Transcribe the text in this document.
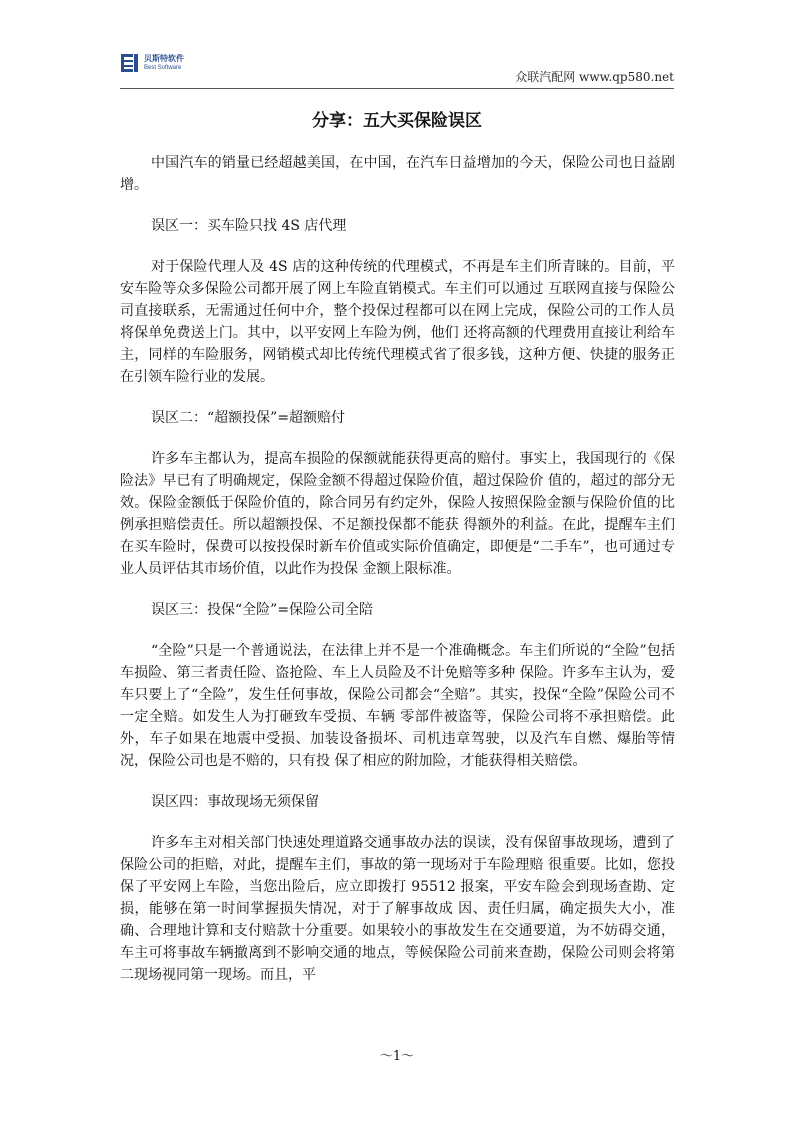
贝斯特软件
Best Software
众联汽配网 www.qp580.net
分享：五大买保险误区

中国汽车的销量已经超越美国，在中国，在汽车日益增加的今天，保险公司也日益剧增。

误区一：买车险只找 4S 店代理

对于保险代理人及 4S 店的这种传统的代理模式，不再是车主们所青睐的。目前，平安车险等众多保险公司都开展了网上车险直销模式。车主们可以通过 互联网直接与保险公司直接联系，无需通过任何中介，整个投保过程都可以在网上完成，保险公司的工作人员将保单免费送上门。其中，以平安网上车险为例，他们 还将高额的代理费用直接让利给车主，同样的车险服务，网销模式却比传统代理模式省了很多钱，这种方便、快捷的服务正在引领车险行业的发展。

误区二：“超额投保”=超额赔付

许多车主都认为，提高车损险的保额就能获得更高的赔付。事实上，我国现行的《保险法》早已有了明确规定，保险金额不得超过保险价值，超过保险价 值的，超过的部分无效。保险金额低于保险价值的，除合同另有约定外，保险人按照保险金额与保险价值的比例承担赔偿责任。所以超额投保、不足额投保都不能获 得额外的利益。在此，提醒车主们在买车险时，保费可以按投保时新车价值或实际价值确定，即便是“二手车”，也可通过专业人员评估其市场价值，以此作为投保 金额上限标准。

误区三：投保“全险”=保险公司全陪

“全险”只是一个普通说法，在法律上并不是一个准确概念。车主们所说的“全险”包括车损险、第三者责任险、盗抢险、车上人员险及不计免赔等多种 保险。许多车主认为，爱车只要上了“全险”，发生任何事故，保险公司都会“全赔”。其实，投保“全险”保险公司不一定全赔。如发生人为打砸致车受损、车辆 零部件被盗等，保险公司将不承担赔偿。此外，车子如果在地震中受损、加装设备损坏、司机违章驾驶，以及汽车自燃、爆胎等情况，保险公司也是不赔的，只有投 保了相应的附加险，才能获得相关赔偿。

误区四：事故现场无须保留

许多车主对相关部门快速处理道路交通事故办法的误读，没有保留事故现场，遭到了保险公司的拒赔，对此，提醒车主们，事故的第一现场对于车险理赔 很重要。比如，您投保了平安网上车险，当您出险后，应立即拨打 95512 报案，平安车险会到现场查勘、定损，能够在第一时间掌握损失情况，对于了解事故成 因、责任归属，确定损失大小，准确、合理地计算和支付赔款十分重要。如果较小的事故发生在交通要道，为不妨碍交通，车主可将事故车辆撤离到不影响交通的地点，等候保险公司前来查勘，保险公司则会将第二现场视同第一现场。而且，平

～1～
